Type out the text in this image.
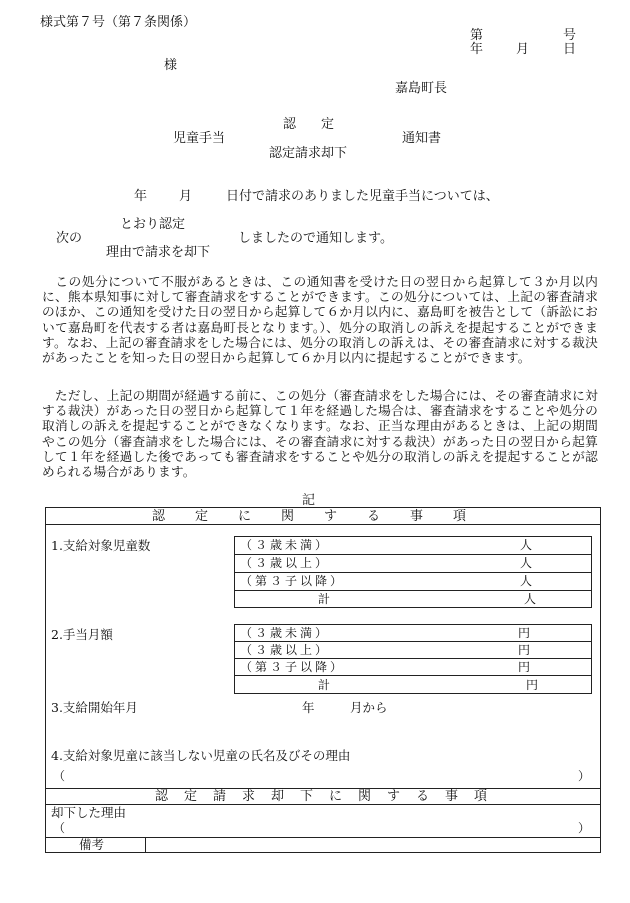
様式第７号（第７条関係）
第	号
年	月	日
様
嘉島町長
認　定
児童手当	通知書
認定請求却下
年 月	日付で請求のありました児童手当については、
とおり認定
次の	しましたので通知します。
理由で請求を却下
　この処分について不服があるときは、この通知書を受けた日の翌日から起算して３か月以内に、熊本県知事に対して審査請求をすることができます。この処分については、上記の審査請求のほか、この通知を受けた日の翌日から起算して６か月以内に、嘉島町を被告として（訴訟において嘉島町を代表する者は嘉島町長となります。）、処分の取消しの訴えを提起することができます。なお、上記の審査請求をした場合には、処分の取消しの訴えは、その審査請求に対する裁決があったことを知った日の翌日から起算して６か月以内に提起することができます。
　ただし、上記の期間が経過する前に、この処分（審査請求をした場合には、その審査請求に対する裁決）があった日の翌日から起算して１年を経過した場合は、審査請求をすることや処分の取消しの訴えを提起することができなくなります。なお、正当な理由があるときは、上記の期間やこの処分（審査請求をした場合には、その審査請求に対する裁決）があった日の翌日から起算して１年を経過した後であっても審査請求をすることや処分の取消しの訴えを提起することが認められる場合があります。
記
認定に関する事項
1.支給対象児童数	（３歳未満）	人
（３歳以上）	人
（第３子以降）	人
計	人
2.手当月額	（３歳未満）	円
（３歳以上）	円
（第３子以降）	円
計	円
3.支給開始年月	年	月から
4.支給対象児童に該当しない児童の氏名及びその理由
（	）
認定請求却下に関する事項
却下した理由
（	）
備考
